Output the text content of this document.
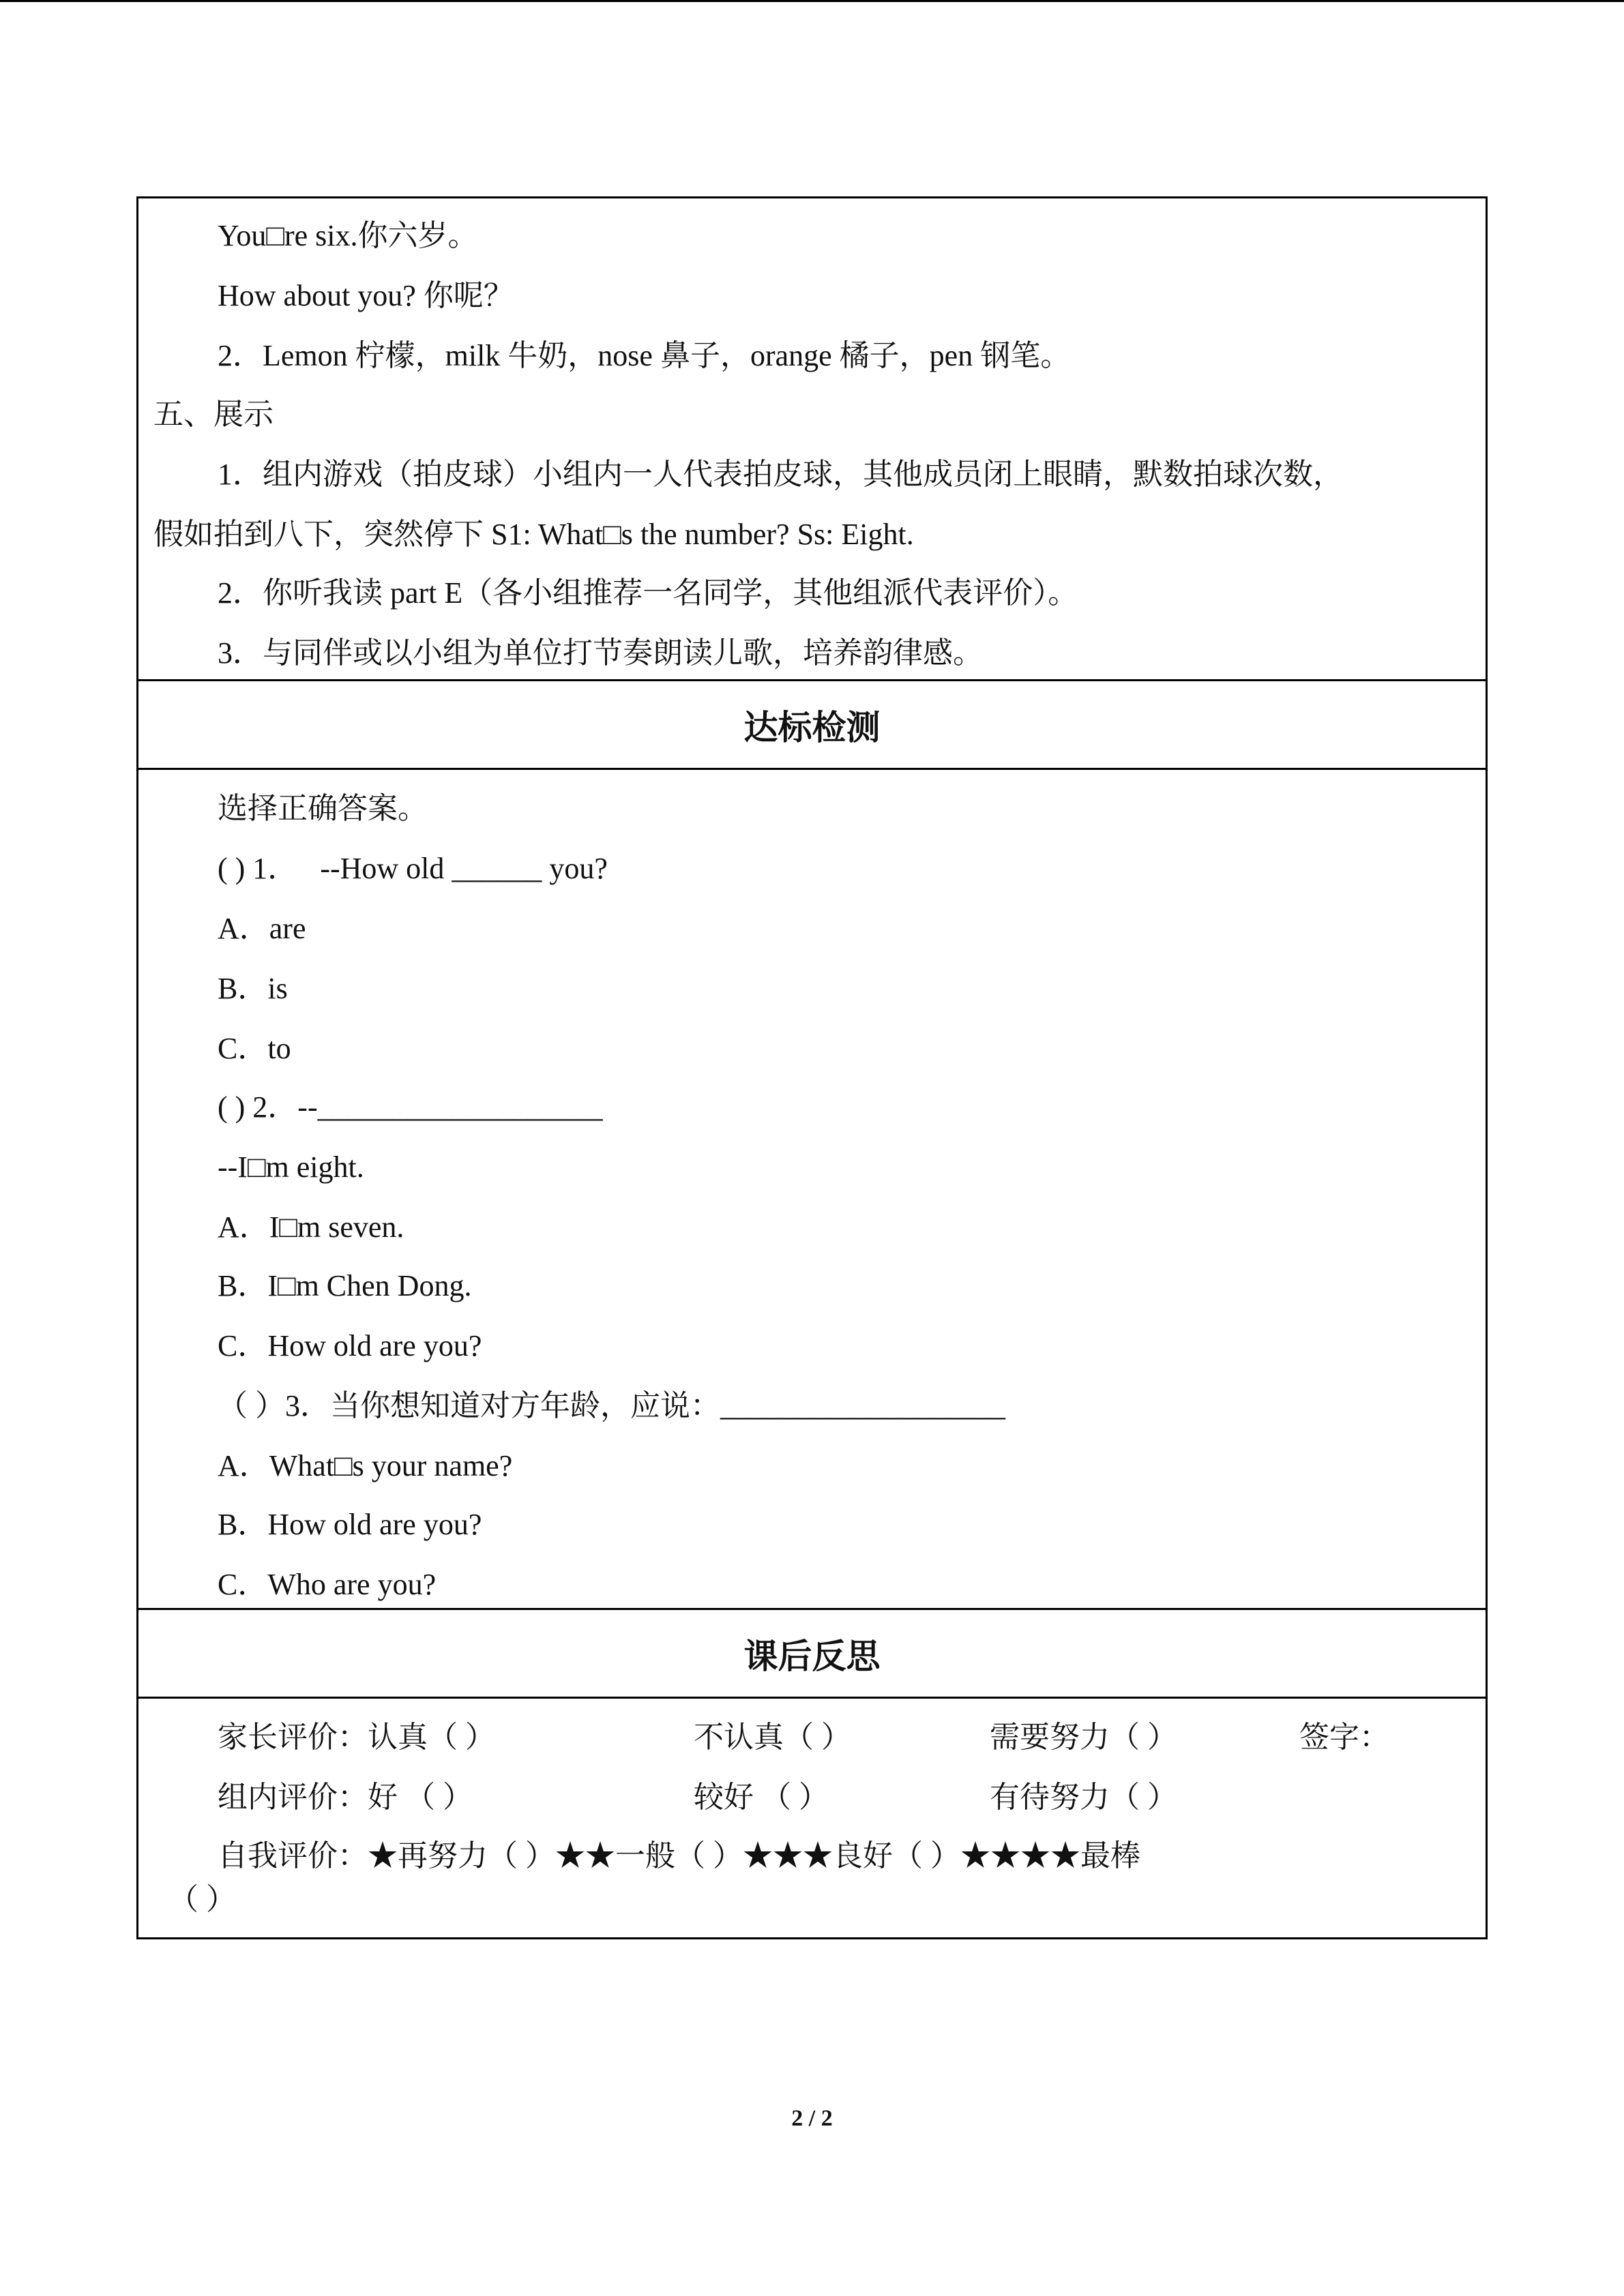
You□re six.你六岁。
How about you? 你呢？
2．Lemon 柠檬，milk 牛奶，nose 鼻子，orange 橘子，pen 钢笔。
五、展示
1．组内游戏（拍皮球）小组内一人代表拍皮球，其他成员闭上眼睛，默数拍球次数，
假如拍到八下，突然停下 S1: What□s the number? Ss: Eight.
2．你听我读 part E（各小组推荐一名同学，其他组派代表评价）。
3．与同伴或以小组为单位打节奏朗读儿歌，培养韵律感。
达标检测
选择正确答案。
( ) 1． --How old ______ you?
A．are
B．is
C．to
( ) 2．--___________________
--I□m eight.
A．I□m seven.
B．I□m Chen Dong.
C．How old are you?
（ ）3．当你想知道对方年龄，应说：___________________
A．What□s your name?
B．How old are you?
C．Who are you?
课后反思
家长评价：认真（ ）	不认真（ ）	需要努力（ ）	签字：
组内评价：好 （ ）	较好 （ ）	有待努力（ ）
自我评价：★再努力（ ）★★一般（ ）★★★良好（ ）★★★★最棒
（ ）
2 / 2
